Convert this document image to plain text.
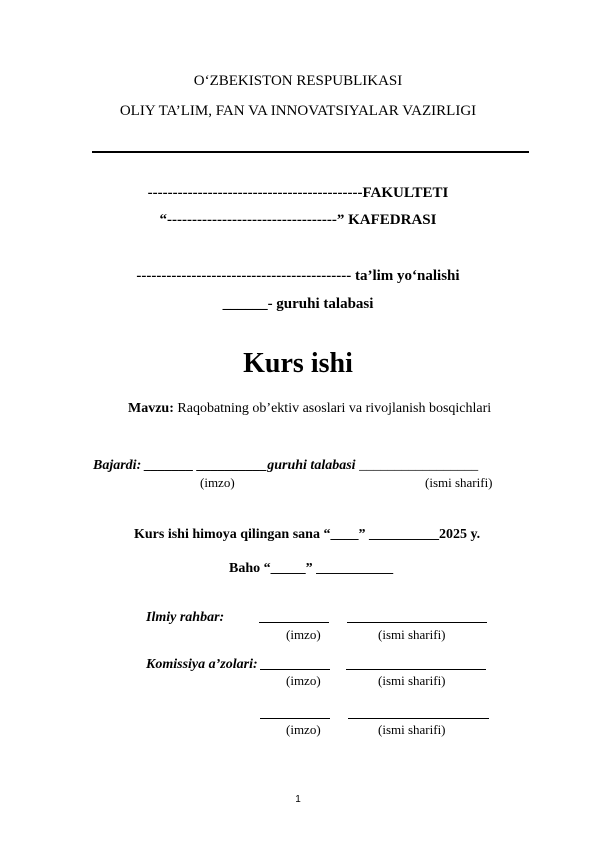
O‘ZBEKISTON RESPUBLIKASI
OLIY TA’LIM, FAN VA INNOVATSIYALAR VAZIRLIGI
-------------------------------------------FAKULTETI
“----------------------------------” KAFEDRASI
------------------------------------------- ta’lim yo‘nalishi
______- guruhi talabasi
Kurs ishi
Mavzu: Raqobatning ob’ektiv asoslari va rivojlanish bosqichlari
Bajardi: _______ __________guruhi talabasi _________________
(imzo)	(ismi sharifi)
Kurs ishi himoya qilingan sana “____” __________2025 y.
Baho “_____” ___________
Ilmiy rahbar:
(imzo)	(ismi sharifi)
Komissiya a’zolari:
(imzo)	(ismi sharifi)
(imzo)	(ismi sharifi)
1
